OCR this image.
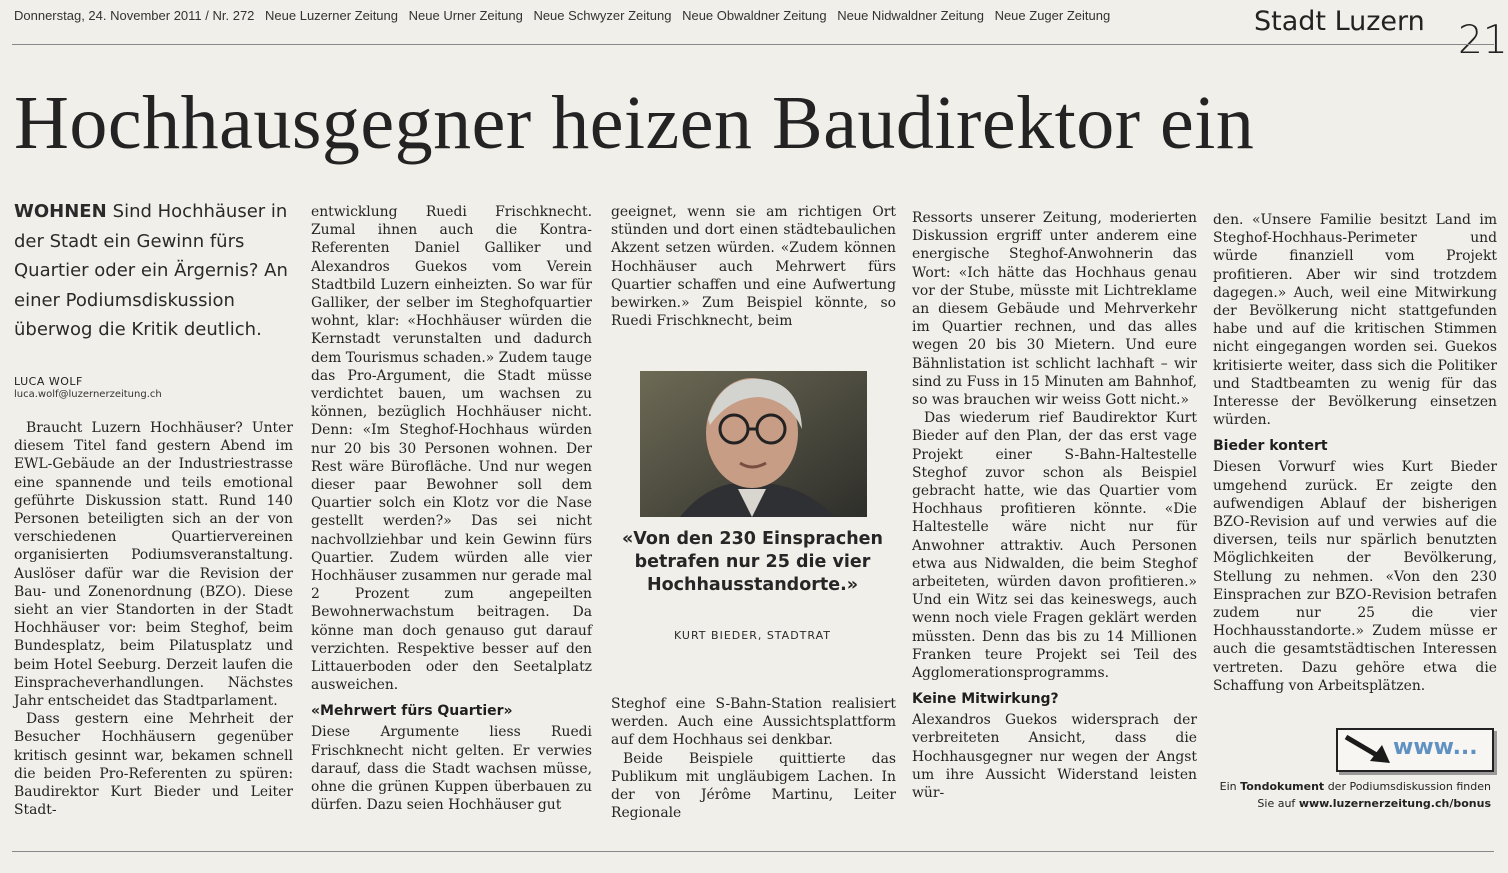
Donnerstag, 24. November 2011 / Nr. 272 Neue Luzerner Zeitung Neue Urner Zeitung Neue Schwyzer Zeitung Neue Obwaldner Zeitung Neue Nidwaldner Zeitung Neue Zuger Zeitung	Stadt Luzern 21
Hochhausgegner heizen Baudirektor ein
WOHNEN Sind Hochhäuser in der Stadt ein Gewinn fürs Quartier oder ein Ärgernis? An einer Podiumsdiskussion überwog die Kritik deutlich.
LUCA WOLF
luca.wolf@luzernerzeitung.ch

Braucht Luzern Hochhäuser? Unter diesem Titel fand gestern Abend im EWL-Gebäude an der Industriestrasse eine spannende und teils emotional geführte Diskussion statt. Rund 140 Personen beteiligten sich an der von verschiedenen Quartiervereinen organisierten Podiumsveranstaltung. Auslöser dafür war die Revision der Bau- und Zonenordnung (BZO). Diese sieht an vier Standorten in der Stadt Hochhäuser vor: beim Steghof, beim Bundesplatz, beim Pilatusplatz und beim Hotel Seeburg. Derzeit laufen die Einspracheverhandlungen. Nächstes Jahr entscheidet das Stadtparlament.

Dass gestern eine Mehrheit der Besucher Hochhäusern gegenüber kritisch gesinnt war, bekamen schnell die beiden Pro-Referenten zu spüren: Baudirektor Kurt Bieder und Leiter Stadt-

entwicklung Ruedi Frischknecht. Zumal ihnen auch die Kontra-Referenten Daniel Galliker und Alexandros Guekos vom Verein Stadtbild Luzern einheizten. So war für Galliker, der selber im Steghofquartier wohnt, klar: «Hochhäuser würden die Kernstadt verunstalten und dadurch dem Tourismus schaden.» Zudem tauge das Pro-Argument, die Stadt müsse verdichtet bauen, um wachsen zu können, bezüglich Hochhäuser nicht. Denn: «Im Steghof-Hochhaus würden nur 20 bis 30 Personen wohnen. Der Rest wäre Bürofläche. Und nur wegen dieser paar Bewohner soll dem Quartier solch ein Klotz vor die Nase gestellt werden?» Das sei nicht nachvollziehbar und kein Gewinn fürs Quartier. Zudem würden alle vier Hochhäuser zusammen nur gerade mal 2 Prozent zum angepeilten Bewohnerwachstum beitragen. Da könne man doch genauso gut darauf verzichten. Respektive besser auf den Littauerboden oder den Seetalplatz ausweichen.

«Mehrwert fürs Quartier»

Diese Argumente liess Ruedi Frischknecht nicht gelten. Er verwies darauf, dass die Stadt wachsen müsse, ohne die grünen Kuppen überbauen zu dürfen. Dazu seien Hochhäuser gut

geeignet, wenn sie am richtigen Ort stünden und dort einen städtebaulichen Akzent setzen würden. «Zudem können Hochhäuser auch Mehrwert fürs Quartier schaffen und eine Aufwertung bewirken.» Zum Beispiel könnte, so Ruedi Frischknecht, beim

«Von den 230 Einsprachen betrafen nur 25 die vier Hochhausstandorte.»
KURT BIEDER, STADTRAT

Steghof eine S-Bahn-Station realisiert werden. Auch eine Aussichtsplattform auf dem Hochhaus sei denkbar.

Beide Beispiele quittierte das Publikum mit ungläubigem Lachen. In der von Jérôme Martinu, Leiter Regionale

Ressorts unserer Zeitung, moderierten Diskussion ergriff unter anderem eine energische Steghof-Anwohnerin das Wort: «Ich hätte das Hochhaus genau vor der Stube, müsste mit Lichtreklame an diesem Gebäude und Mehrverkehr im Quartier rechnen, und das alles wegen 20 bis 30 Mietern. Und eure Bähnlistation ist schlicht lachhaft – wir sind zu Fuss in 15 Minuten am Bahnhof, so was brauchen wir weiss Gott nicht.»

Das wiederum rief Baudirektor Kurt Bieder auf den Plan, der das erst vage Projekt einer S-Bahn-Haltestelle Steghof zuvor schon als Beispiel gebracht hatte, wie das Quartier vom Hochhaus profitieren könnte. «Die Haltestelle wäre nicht nur für Anwohner attraktiv. Auch Personen etwa aus Nidwalden, die beim Steghof arbeiteten, würden davon profitieren.» Und ein Witz sei das keineswegs, auch wenn noch viele Fragen geklärt werden müssten. Denn das bis zu 14 Millionen Franken teure Projekt sei Teil des Agglomerationsprogramms.

Keine Mitwirkung?

Alexandros Guekos widersprach der verbreiteten Ansicht, dass die Hochhausgegner nur wegen der Angst um ihre Aussicht Widerstand leisten wür-

den. «Unsere Familie besitzt Land im Steghof-Hochhaus-Perimeter und würde finanziell vom Projekt profitieren. Aber wir sind trotzdem dagegen.» Auch, weil eine Mitwirkung der Bevölkerung nicht stattgefunden habe und auf die kritischen Stimmen nicht eingegangen worden sei. Guekos kritisierte weiter, dass sich die Politiker und Stadtbeamten zu wenig für das Interesse der Bevölkerung einsetzen würden.

Bieder kontert

Diesen Vorwurf wies Kurt Bieder umgehend zurück. Er zeigte den aufwendigen Ablauf der bisherigen BZO-Revision auf und verwies auf die diversen, teils nur spärlich benutzten Möglichkeiten der Bevölkerung, Stellung zu nehmen. «Von den 230 Einsprachen zur BZO-Revision betrafen zudem nur 25 die vier Hochhausstandorte.» Zudem müsse er auch die gesamtstädtischen Interessen vertreten. Dazu gehöre etwa die Schaffung von Arbeitsplätzen.

www...
Ein Tondokument der Podiumsdiskussion finden
Sie auf www.luzernerzeitung.ch/bonus
